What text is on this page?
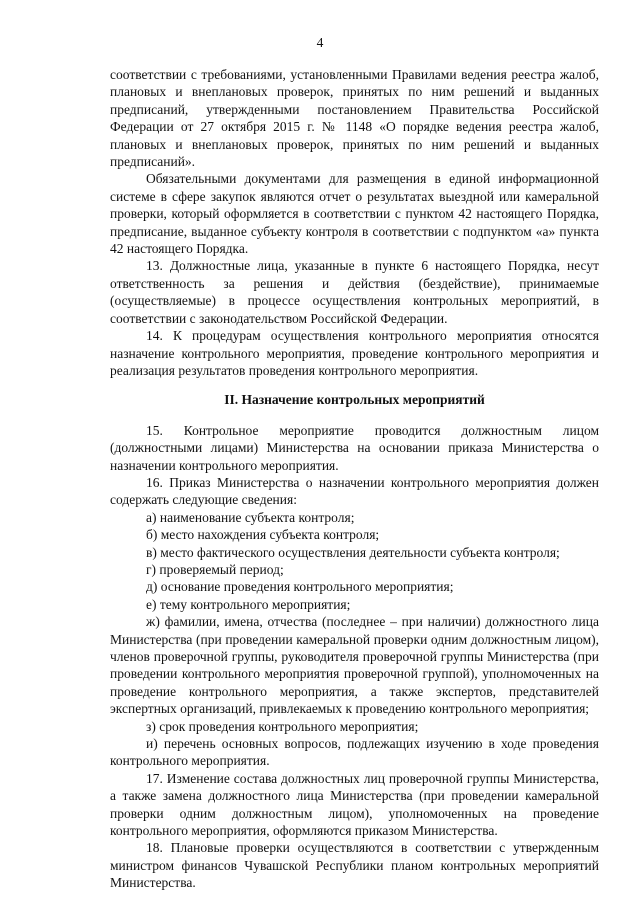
4

соответствии с требованиями, установленными Правилами ведения реестра жалоб, плановых и внеплановых проверок, принятых по ним решений и выданных предписаний, утвержденными постановлением Правительства Российской Федерации от 27 октября 2015 г. № 1148 «О порядке ведения реестра жалоб, плановых и внеплановых проверок, принятых по ним решений и выданных предписаний».

Обязательными документами для размещения в единой информационной системе в сфере закупок являются отчет о результатах выездной или камеральной проверки, который оформляется в соответствии с пунктом 42 настоящего Порядка, предписание, выданное субъекту контроля в соответствии с подпунктом «а» пункта 42 настоящего Порядка.

13. Должностные лица, указанные в пункте 6 настоящего Порядка, несут ответственность за решения и действия (бездействие), принимаемые (осуществляемые) в процессе осуществления контрольных мероприятий, в соответствии с законодательством Российской Федерации.

14. К процедурам осуществления контрольного мероприятия относятся назначение контрольного мероприятия, проведение контрольного мероприятия и реализация результатов проведения контрольного мероприятия.

II. Назначение контрольных мероприятий

15. Контрольное мероприятие проводится должностным лицом (должностными лицами) Министерства на основании приказа Министерства о назначении контрольного мероприятия.

16. Приказ Министерства о назначении контрольного мероприятия должен содержать следующие сведения:

а) наименование субъекта контроля;

б) место нахождения субъекта контроля;

в) место фактического осуществления деятельности субъекта контроля;

г) проверяемый период;

д) основание проведения контрольного мероприятия;

е) тему контрольного мероприятия;

ж) фамилии, имена, отчества (последнее – при наличии) должностного лица Министерства (при проведении камеральной проверки одним должностным лицом), членов проверочной группы, руководителя проверочной группы Министерства (при проведении контрольного мероприятия проверочной группой), уполномоченных на проведение контрольного мероприятия, а также экспертов, представителей экспертных организаций, привлекаемых к проведению контрольного мероприятия;

з) срок проведения контрольного мероприятия;

и) перечень основных вопросов, подлежащих изучению в ходе проведения контрольного мероприятия.

17. Изменение состава должностных лиц проверочной группы Министерства, а также замена должностного лица Министерства (при проведении камеральной проверки одним должностным лицом), уполномоченных на проведение контрольного мероприятия, оформляются приказом Министерства.

18. Плановые проверки осуществляются в соответствии с утвержденным министром финансов Чувашской Республики планом контрольных мероприятий Министерства.
